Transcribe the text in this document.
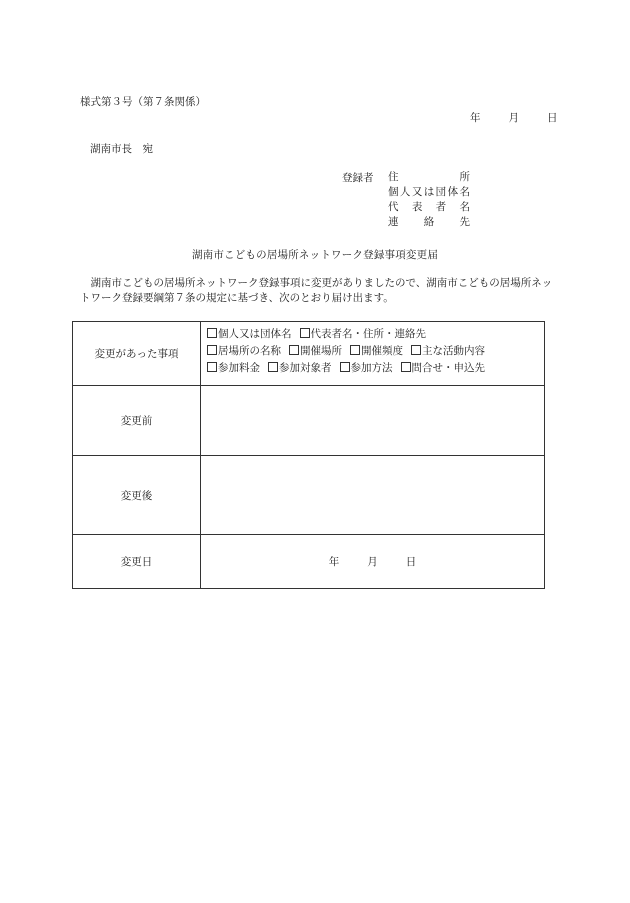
様式第３号（第７条関係）
年	月	日
湖南市長　宛
登録者 住所
個人又は団体名
代表者名
連絡先
湖南市こどもの居場所ネットワーク登録事項変更届
湖南市こどもの居場所ネットワーク登録事項に変更がありましたので、湖南市こどもの居場所ネットワーク登録要綱第７条の規定に基づき、次のとおり届け出ます。
変更があった事項	個人又は団体名 代表者名・住所・連絡先
居場所の名称 開催場所 開催頻度 主な活動内容
参加料金 参加対象者 参加方法 問合せ・申込先

変更前	
変更後	
変更日	年 月 日
